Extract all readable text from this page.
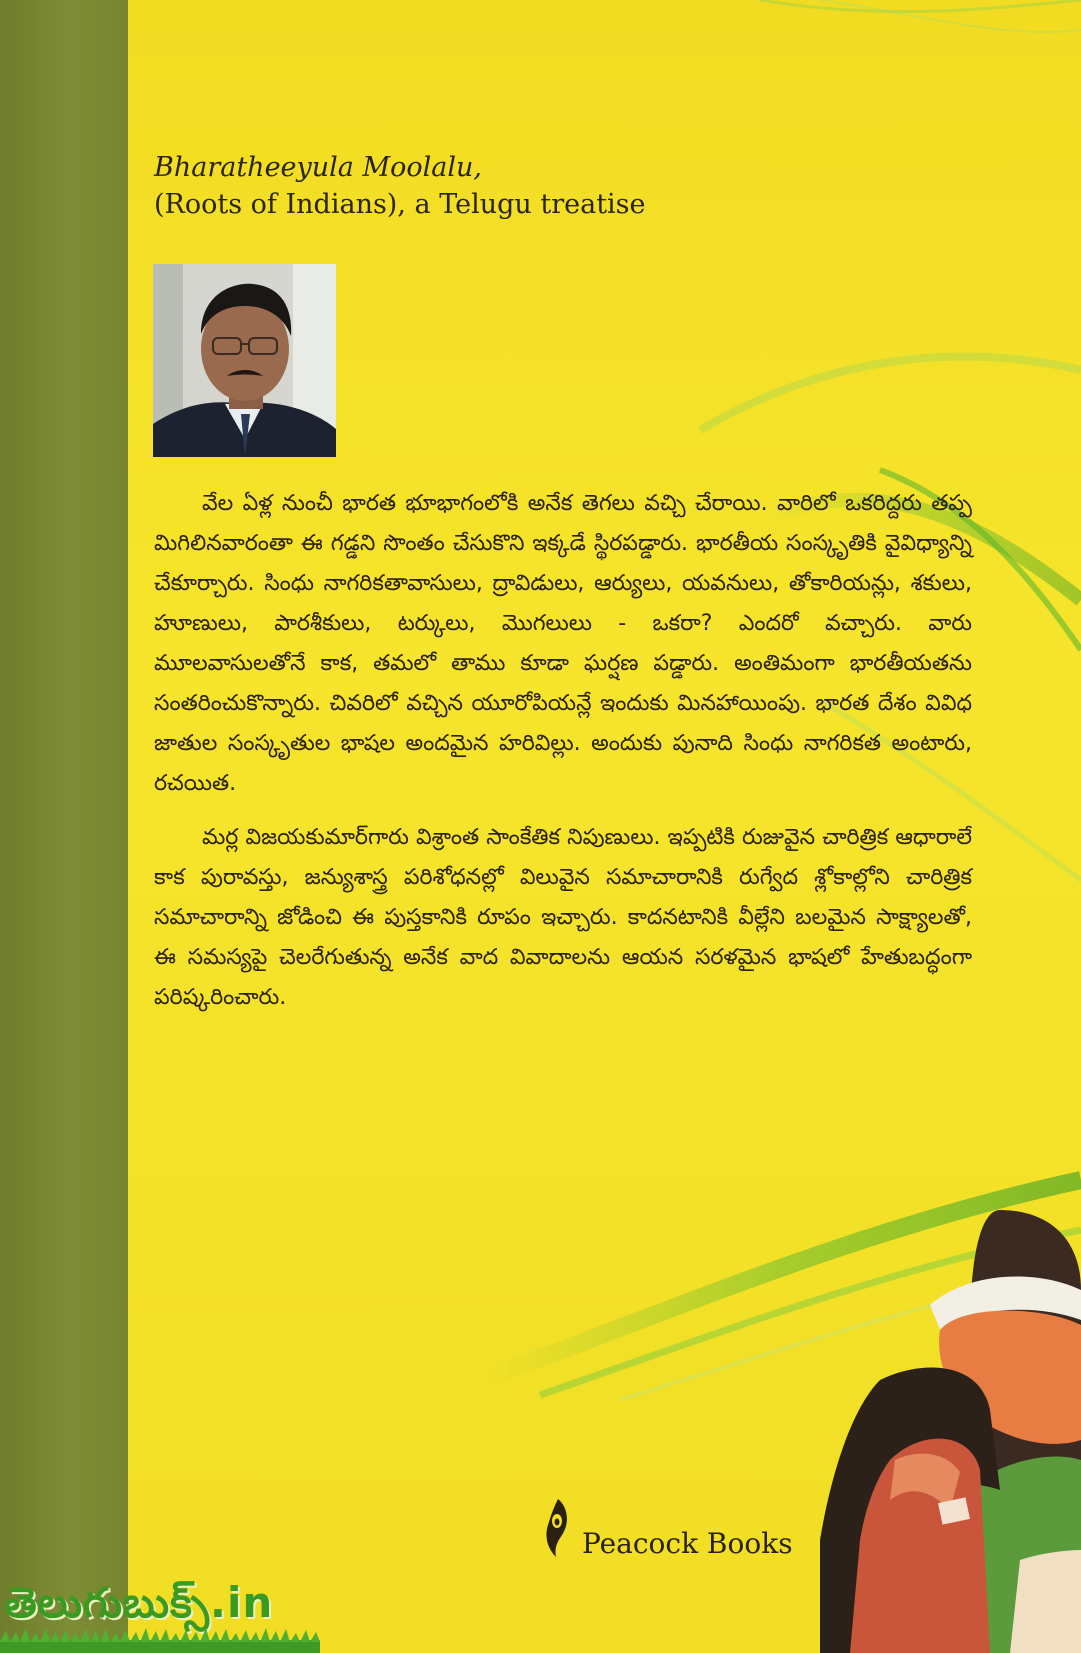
Bharatheeyula Moolalu,
(Roots of Indians), a Telugu treatise

వేల ఏళ్ల నుంచీ భారత భూభాగంలోకి అనేక తెగలు వచ్చి చేరాయి. వారిలో ఒకరిద్దరు తప్ప మిగిలినవారంతా ఈ గడ్డని సొంతం చేసుకొని ఇక్కడే స్థిరపడ్డారు. భారతీయ సంస్కృతికి వైవిధ్యాన్ని చేకూర్చారు. సింధు నాగరికతావాసులు, ద్రావిడులు, ఆర్యులు, యవనులు, తోకారియన్లు, శకులు, హూణులు, పారశీకులు, టర్కులు, మొగలులు - ఒకరా? ఎందరో వచ్చారు. వారు మూలవాసులతోనే కాక, తమలో తాము కూడా ఘర్షణ పడ్డారు. అంతిమంగా భారతీయతను సంతరించుకొన్నారు. చివరిలో వచ్చిన యూరోపియన్లే ఇందుకు మినహాయింపు. భారత దేశం వివిధ జాతుల సంస్కృతుల భాషల అందమైన హరివిల్లు. అందుకు పునాది సింధు నాగరికత అంటారు, రచయిత.

మర్ల విజయకుమార్‌గారు విశ్రాంత సాంకేతిక నిపుణులు. ఇప్పటికి రుజువైన చారిత్రిక ఆధారాలే కాక పురావస్తు, జన్యుశాస్త్ర పరిశోధనల్లో విలువైన సమాచారానికి రుగ్వేద శ్లోకాల్లోని చారిత్రిక సమాచారాన్ని జోడించి ఈ పుస్తకానికి రూపం ఇచ్చారు. కాదనటానికి వీల్లేని బలమైన సాక్ష్యాలతో, ఈ సమస్యపై చెలరేగుతున్న అనేక వాద వివాదాలను ఆయన సరళమైన భాషలో హేతుబద్ధంగా పరిష్కరించారు.

Peacock Books
తెలుగుబుక్స్.in
